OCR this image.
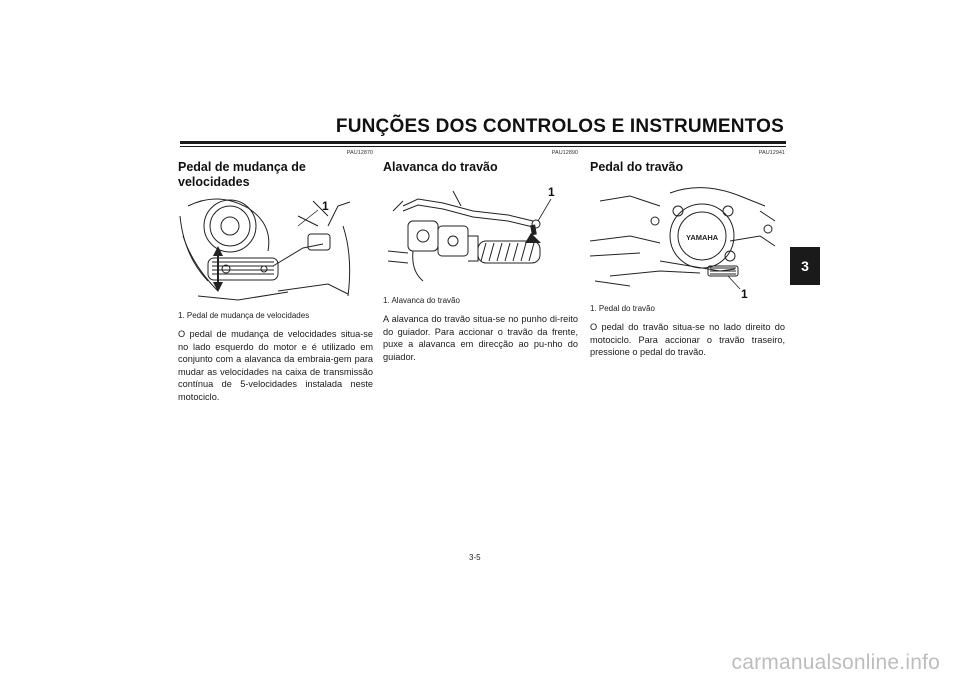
FUNÇÕES DOS CONTROLOS E INSTRUMENTOS
3
PAU12870
Pedal de mudança de velocidades
1
1. Pedal de mudança de velocidades
O pedal de mudança de velocidades situa-se no lado esquerdo do motor e é utilizado em conjunto com a alavanca da embraia-gem para mudar as velocidades na caixa de transmissão contínua de 5-velocidades instalada neste motociclo.
PAU12890
Alavanca do travão
1
1. Alavanca do travão
A alavanca do travão situa-se no punho di-reito do guiador. Para accionar o travão da frente, puxe a alavanca em direcção ao pu-nho do guiador.
PAU12941
Pedal do travão
YAMAHA
1
1. Pedal do travão
O pedal do travão situa-se no lado direito do motociclo. Para accionar o travão traseiro, pressione o pedal do travão.
3-5
carmanualsonline.info
